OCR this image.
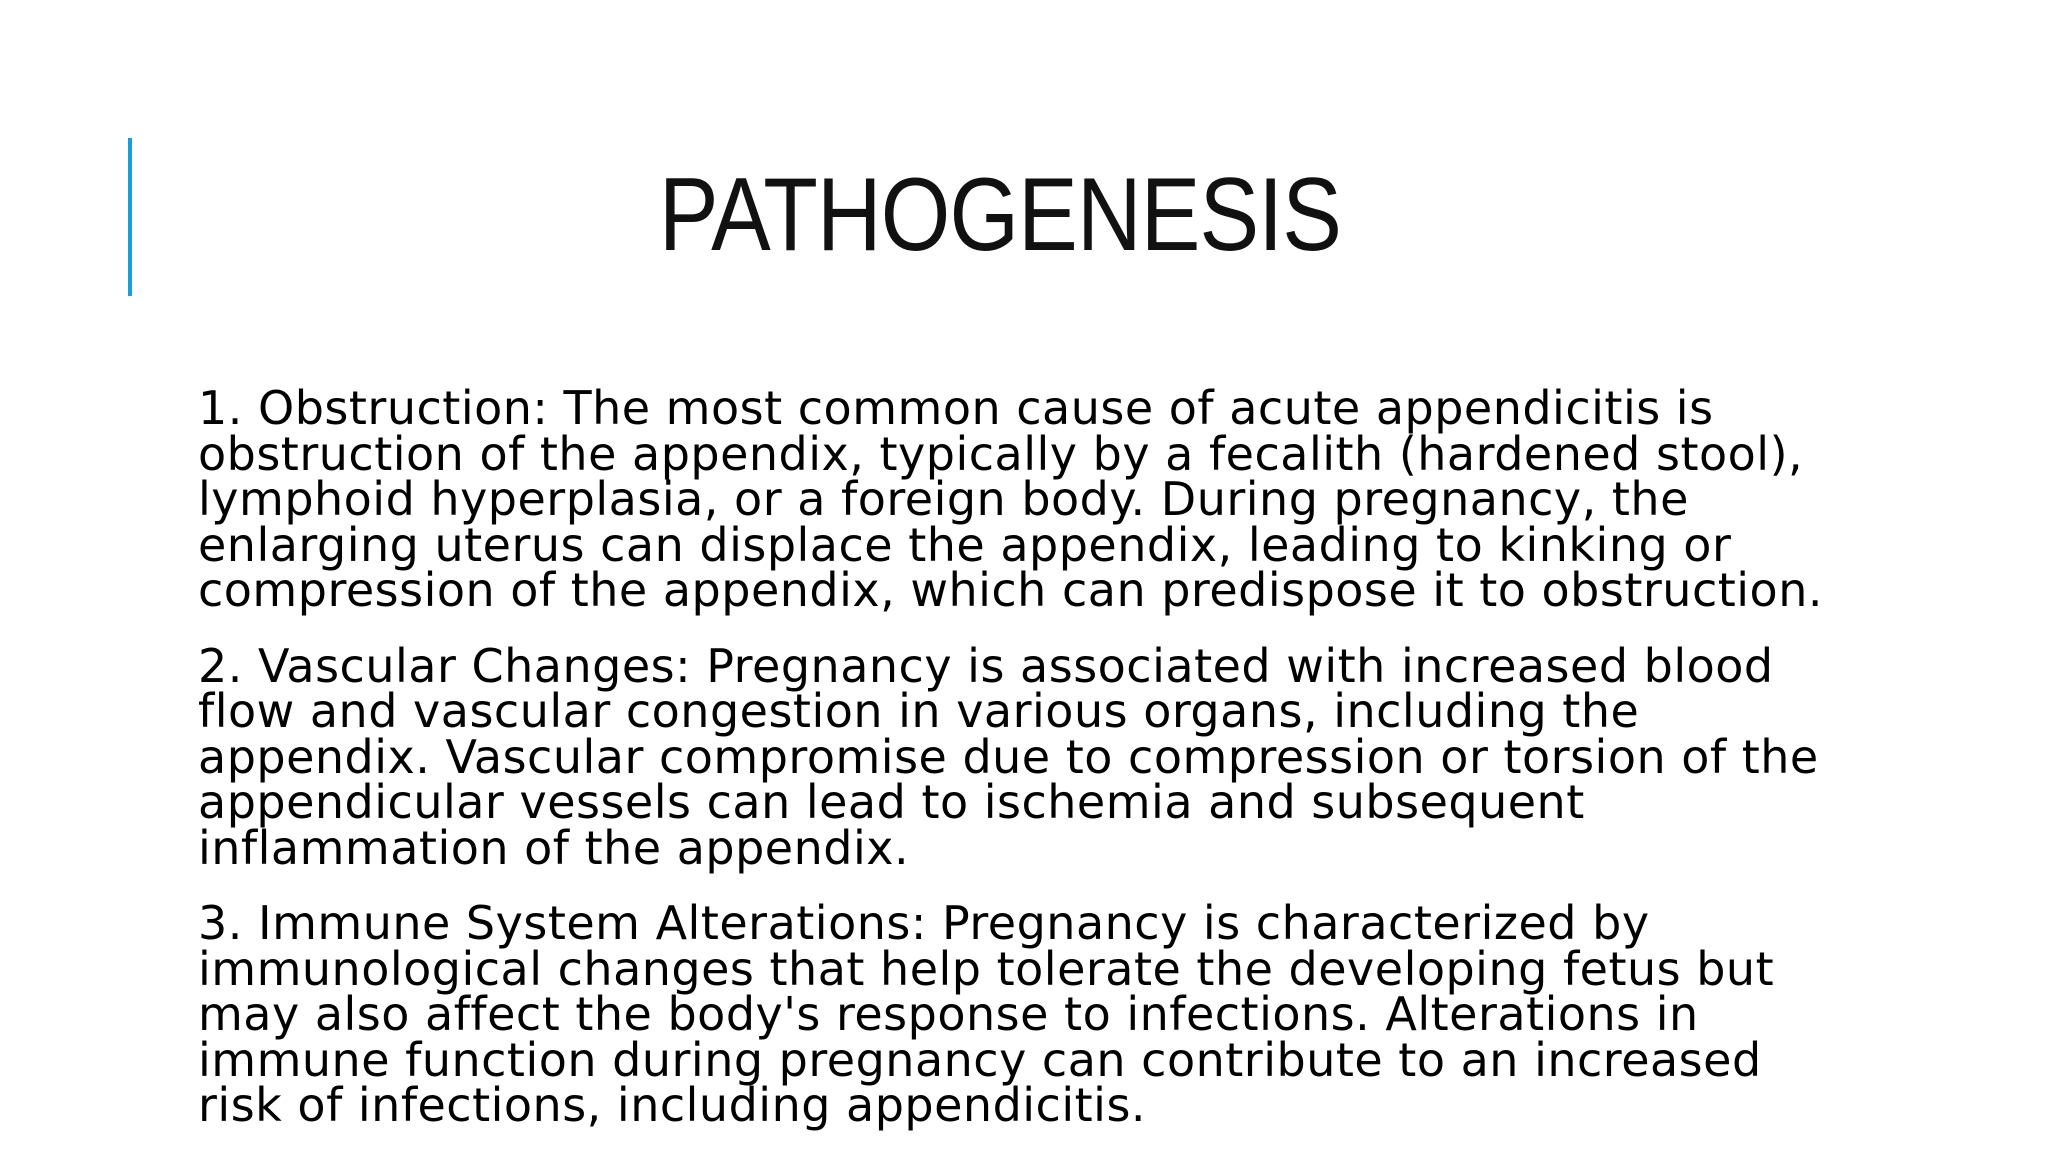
PATHOGENESIS

1. Obstruction: The most common cause of acute appendicitis is
obstruction of the appendix, typically by a fecalith (hardened stool),
lymphoid hyperplasia, or a foreign body. During pregnancy, the
enlarging uterus can displace the appendix, leading to kinking or
compression of the appendix, which can predispose it to obstruction.

2. Vascular Changes: Pregnancy is associated with increased blood
flow and vascular congestion in various organs, including the
appendix. Vascular compromise due to compression or torsion of the
appendicular vessels can lead to ischemia and subsequent
inflammation of the appendix.

3. Immune System Alterations: Pregnancy is characterized by
immunological changes that help tolerate the developing fetus but
may also affect the body's response to infections. Alterations in
immune function during pregnancy can contribute to an increased
risk of infections, including appendicitis.
